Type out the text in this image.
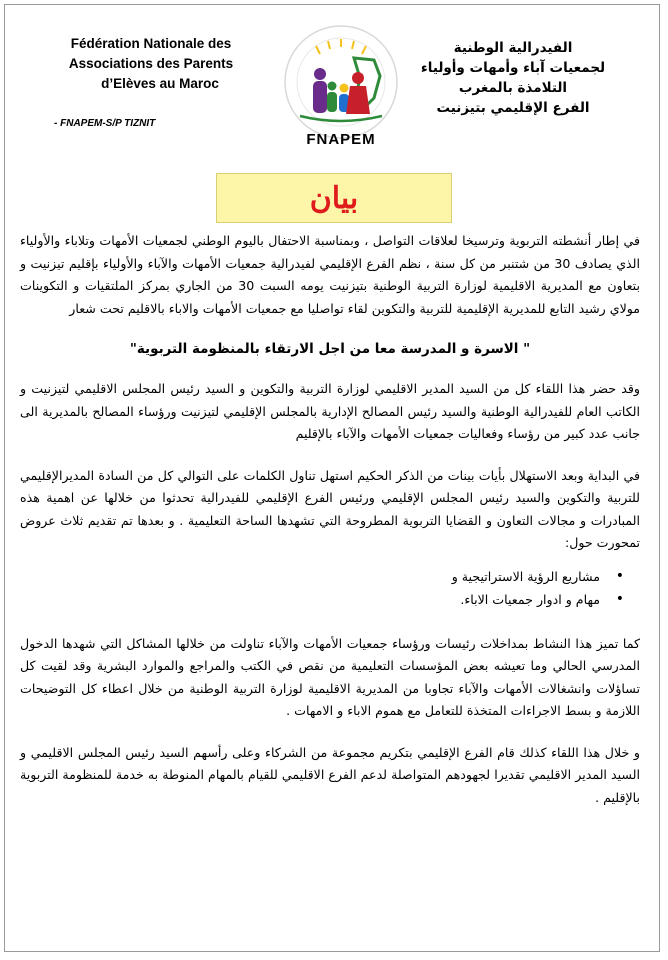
Fédération Nationale des
Associations des Parents
d’Elèves au Maroc
- FNAPEM-S/P TIZNIT
FNAPEM
الفيدرالية الوطنية
لجمعيات آباء وأمهات وأولياء
التلامذة بالمغرب
الفرع الإقليمي بتيزنيت
بيان

في إطار أنشطته التربوية وترسيخا لعلاقات التواصل ، وبمناسبة الاحتفال باليوم الوطني لجمعيات الأمهات وتلاباء والأولياء الذي يصادف 30 من شتنبر من كل سنة ، نظم الفرع الإقليمي لفيدرالية جمعيات الأمهات والآباء والأولياء بإقليم تيزنيت و بتعاون مع المديرية الاقليمية لوزارة التربية الوطنية بتيزنيت يومه السبت 30 من الجاري بمركز الملتقيات و التكوينات مولاي رشيد التابع للمديرية الإقليمية للتربية والتكوين لقاء تواصليا مع جمعيات الأمهات والاباء بالاقليم تحت شعار

" الاسرة و المدرسة معا من اجل الارتقاء بالمنظومة التربوية"

وقد حضر هذا اللقاء كل من السيد المدير الاقليمي لوزارة التربية والتكوين و السيد رئيس المجلس الاقليمي لتيزنيت و الكاتب العام للفيدرالية الوطنية والسيد رئيس المصالح الإدارية بالمجلس الإقليمي لتيزنيت ورؤساء المصالح بالمديرية الى جانب عدد كبير من رؤساء وفعاليات جمعيات الأمهات والآباء بالإقليم

في البداية وبعد الاستهلال بأيات بينات من الذكر الحكيم استهل تناول الكلمات على التوالي كل من السادة المديرالإقليمي للتربية والتكوين والسيد رئيس المجلس الإقليمي ورئيس الفرع الإقليمي للفيدرالية تحدثوا من خلالها عن اهمية هذه المبادرات و مجالات التعاون و القضايا التربوية المطروحة التي تشهدها الساحة التعليمية . و بعدها تم تقديم ثلاث عروض تمحورت حول:

• مشاريع الرؤية الاستراتيجية و
• مهام و ادوار جمعيات الاباء.

كما تميز هذا النشاط بمداخلات رئيسات ورؤساء جمعيات الأمهات والآباء تناولت من خلالها المشاكل التي شهدها الدخول المدرسي الحالي وما تعيشه بعض المؤسسات التعليمية من نقص في الكتب والمراجع والموارد البشرية وقد لقيت كل تساؤلات وانشغالات الأمهات والآباء تجاوبا من المديرية الاقليمية لوزارة التربية الوطنية من خلال اعطاء كل التوضيحات اللازمة و بسط الاجراءات المتخذة للتعامل مع هموم الاباء و الامهات .

و خلال هذا اللقاء كذلك قام الفرع الإقليمي بتكريم مجموعة من الشركاء وعلى رأسهم السيد رئيس المجلس الاقليمي و السيد المدير الاقليمي تقديرا لجهودهم المتواصلة لدعم الفرع الاقليمي للقيام بالمهام المنوطة به خدمة للمنظومة التربوية بالإقليم .
